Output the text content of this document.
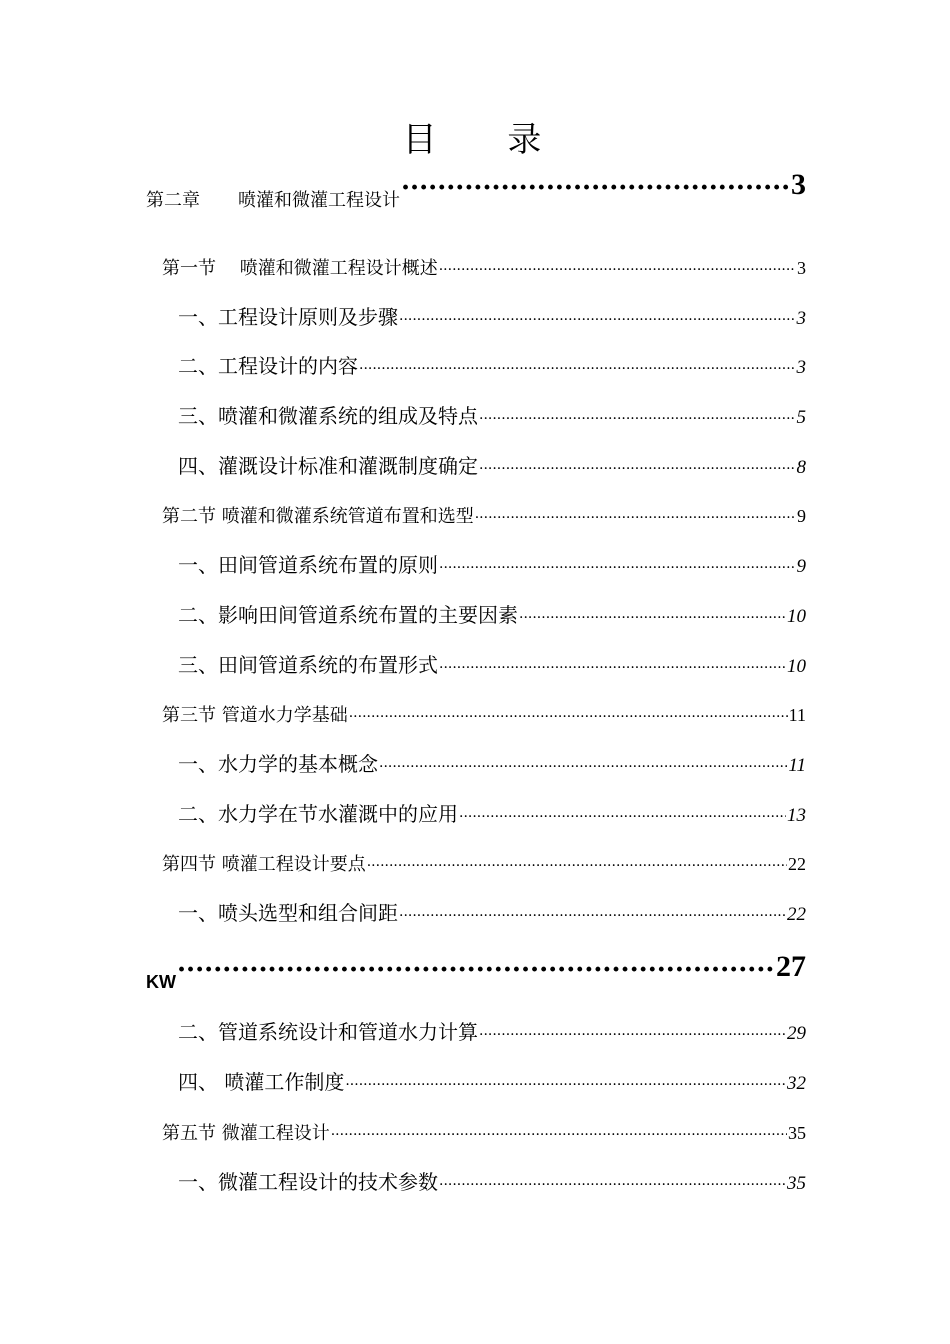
目 录
第二章 喷灌和微灌工程设计 ·····	3
第一节 　喷灌和微灌工程设计概述 ·····	3
一、工程设计原则及步骤 ·····	3
二、工程设计的内容 ·····	3
三、喷灌和微灌系统的组成及特点 ·····	5
四、灌溉设计标准和灌溉制度确定 ·····	8
第二节 喷灌和微灌系统管道布置和选型 ·····	9
一、田间管道系统布置的原则 ·····	9
二、影响田间管道系统布置的主要因素 ·····	10
三、田间管道系统的布置形式 ·····	10
第三节 管道水力学基础 ·····	11
一、水力学的基本概念 ·····	11
二、水力学在节水灌溉中的应用 ·····	13
第四节 喷灌工程设计要点 ·····	22
一、喷头选型和组合间距 ·····	22
KW ·····	27
二、管道系统设计和管道水力计算 ·····	29
四、 喷灌工作制度 ·····	32
第五节 微灌工程设计 ·····	35
一、微灌工程设计的技术参数 ·····	35
